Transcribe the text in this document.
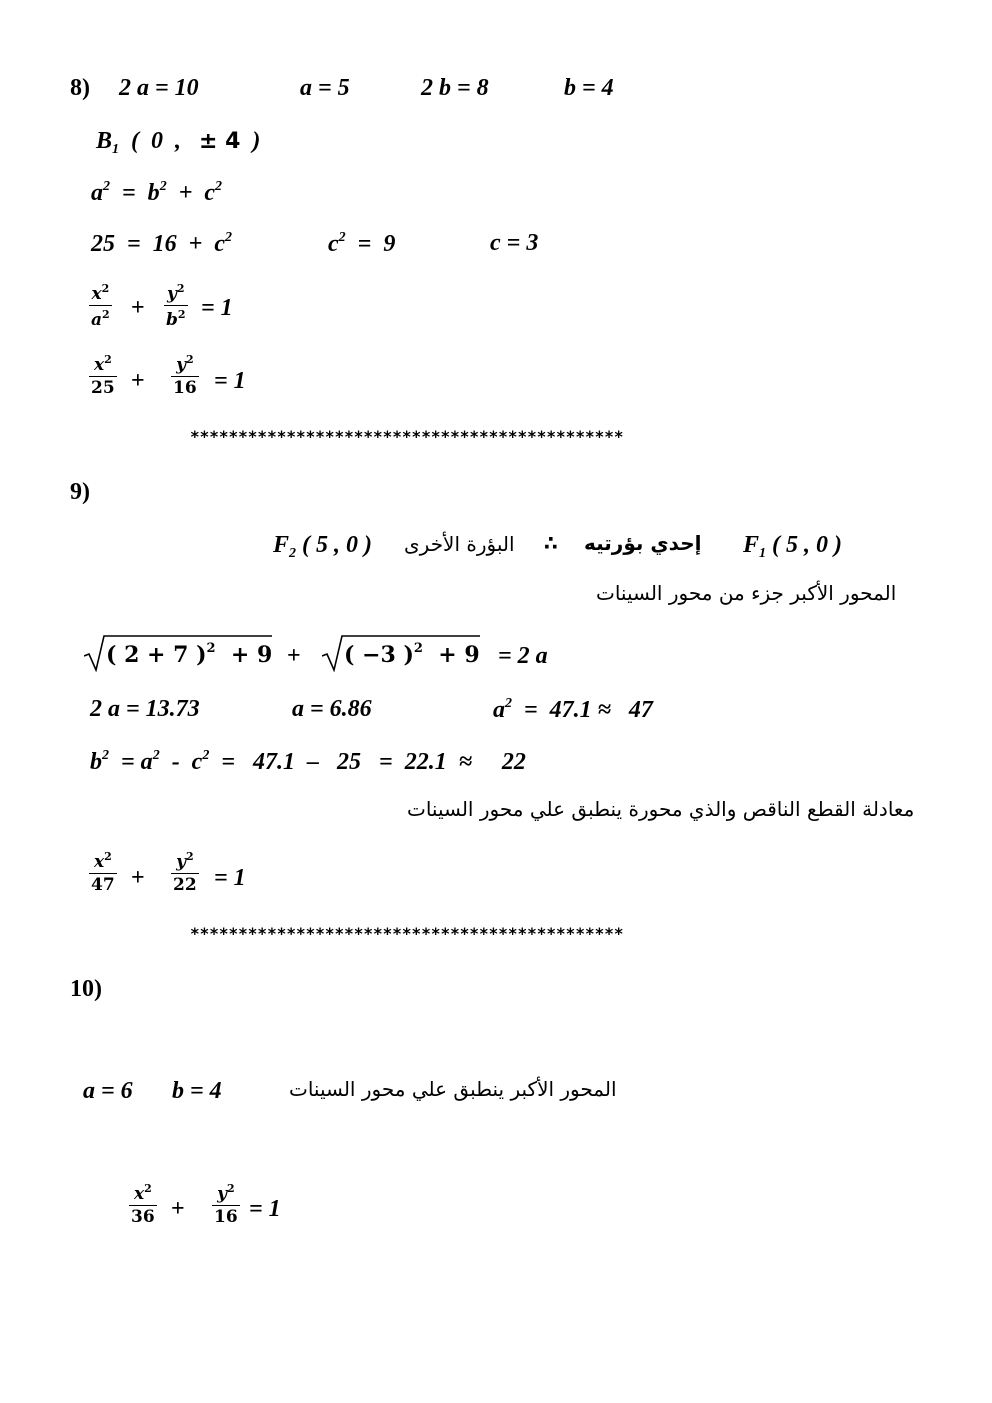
8) 2 a = 10	a = 5	2 b = 8	b = 4
$B_1$  (  0  ,   ± 4  )
$a^2 = b^2 + c^2$
$25 = 16 + c^2$	$c^2 = 9$	c = 3
$x^2$
$a^2$ +
$y^2$
$b^2 = 1$
$x^2$
25 +
$y^2$
16 = 1
*********************************************
9)
$F_2$ ( 5 , 0 ) البؤرة الأخرى ∴ إحدي بؤرتيه $F_1$ ( 5 , 0 )
المحور الأكبر جزء من محور السينات
( 2 + 7 )$^2$  + 9 + ( −3 )$^2$  + 9 = 2 a
2 a = 13.73	a = 6.86	$a^2 = 47.1 \approx 47$
$b^2 = a^2 - c^2 = 47.1 - 25 = 22.1$  ≈     22
معادلة القطع الناقص والذي محورة ينطبق علي محور السينات
$x^2$
47 +
$y^2$
22 = 1
*********************************************
10)
a = 6 b = 4	المحور الأكبر ينطبق علي محور السينات
$x^2$
36 +
$y^2$
16 = 1
